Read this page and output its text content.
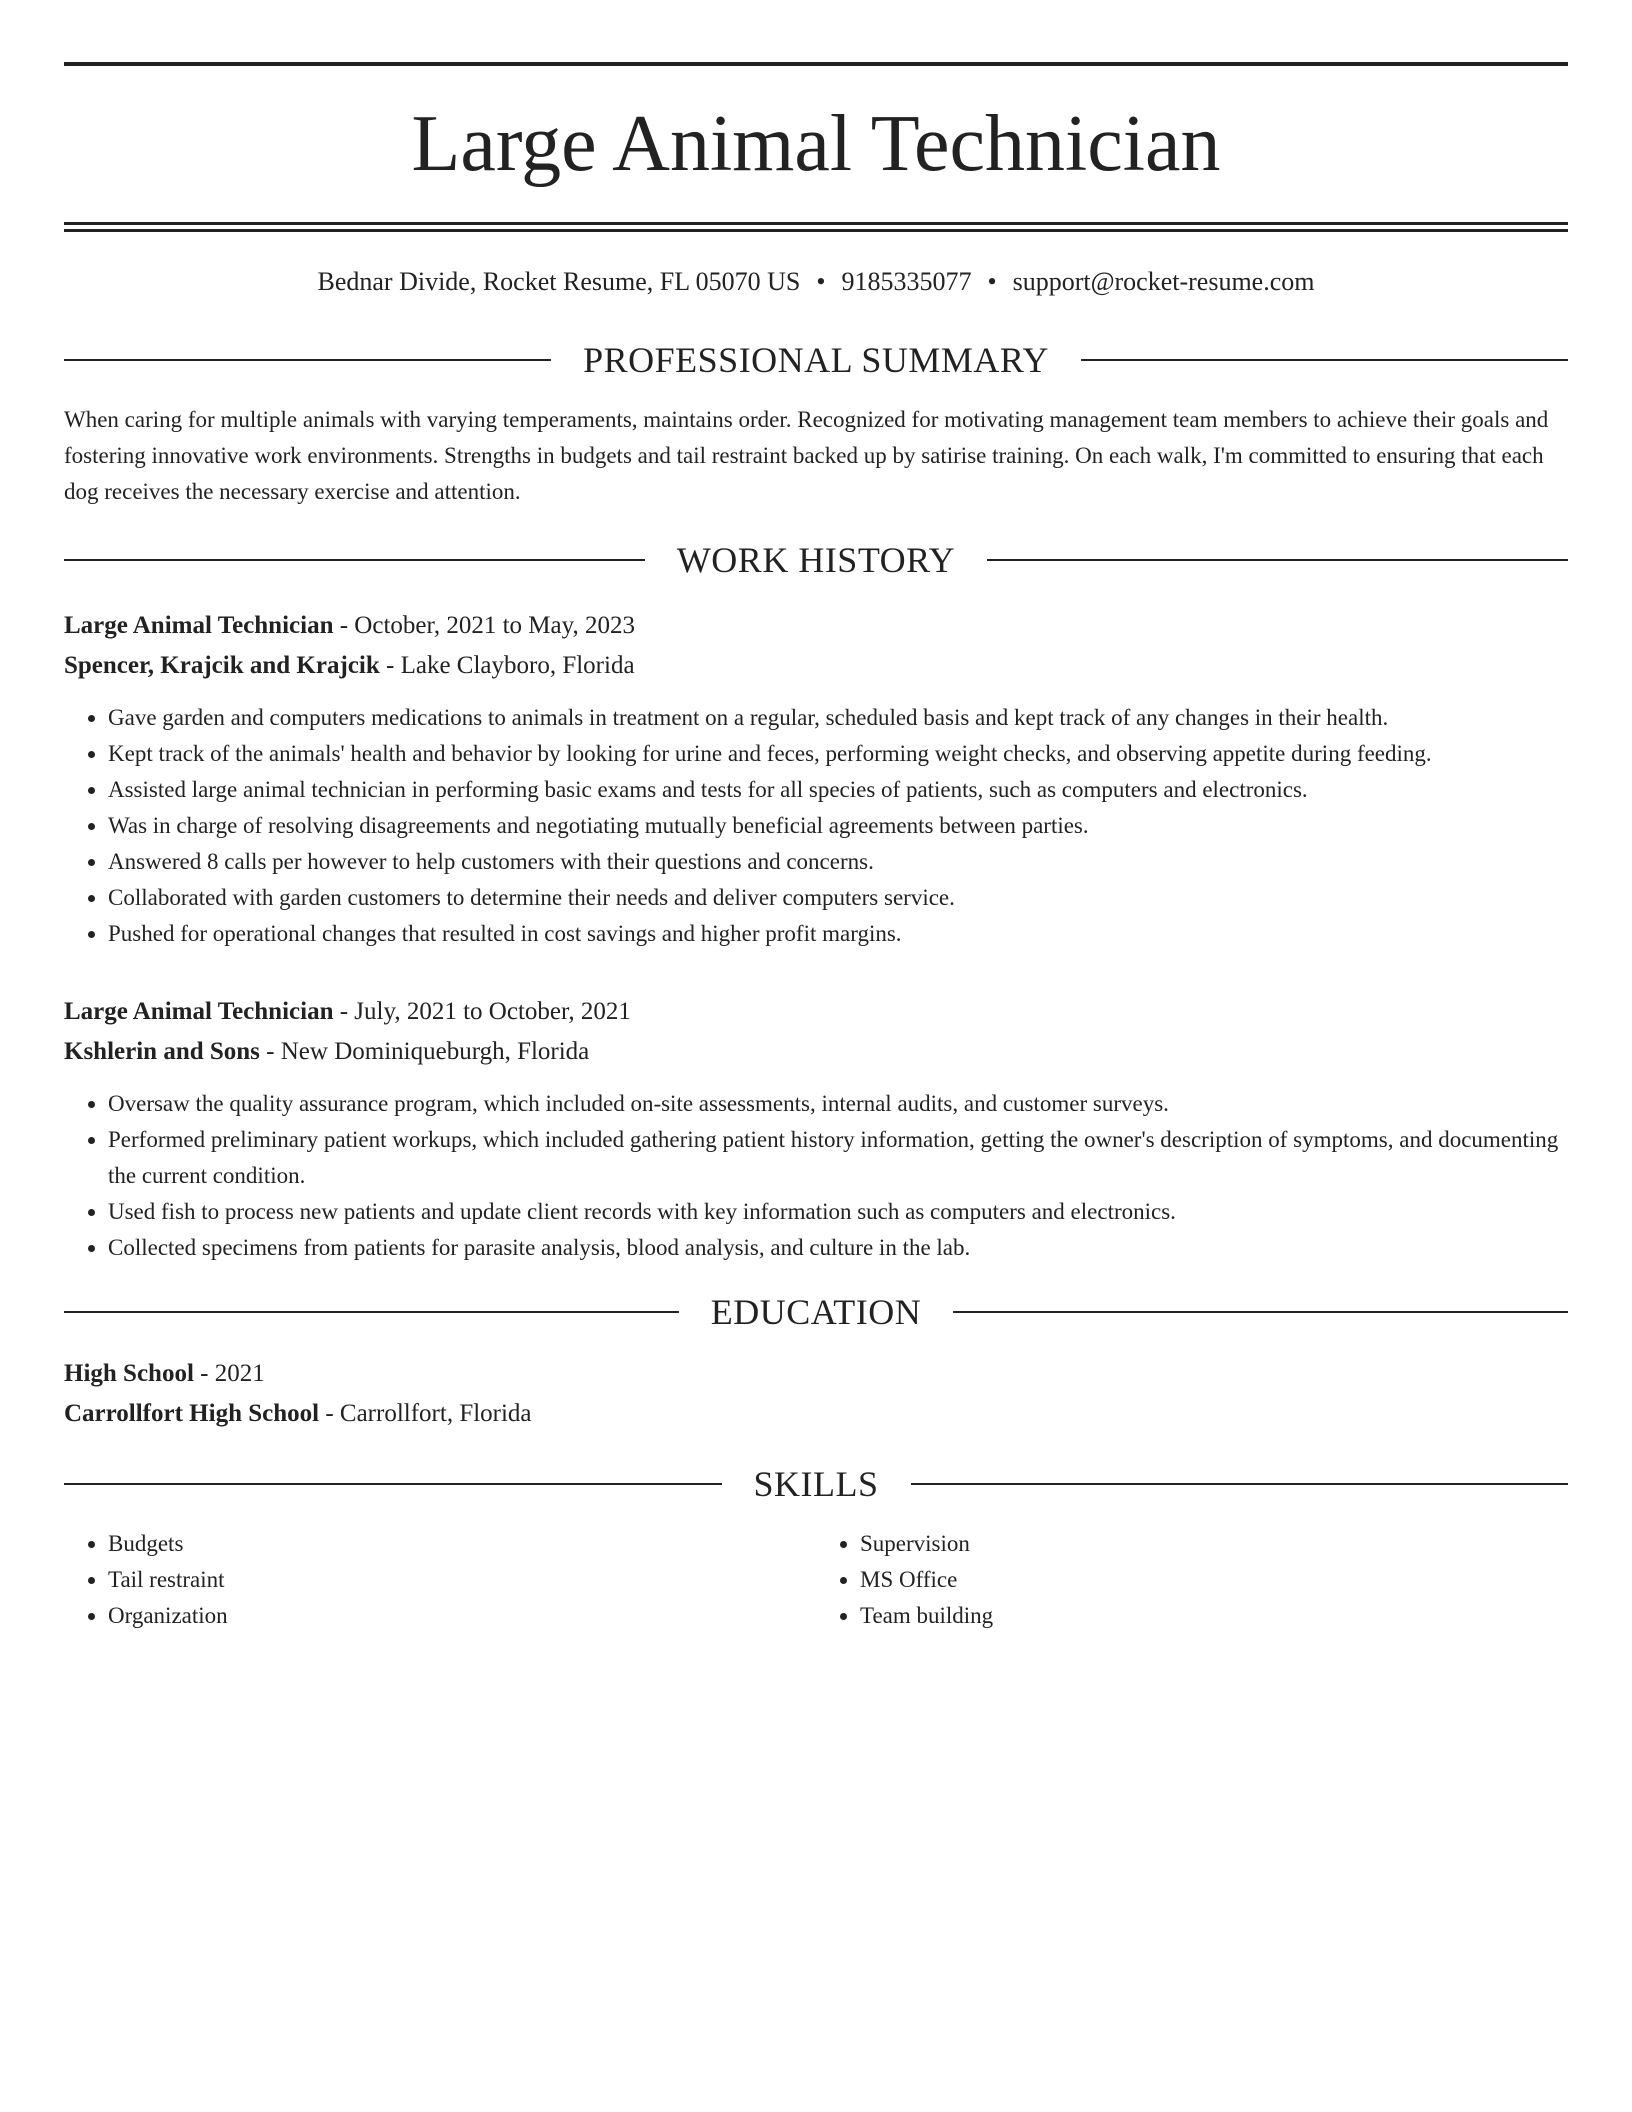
Large Animal Technician
Bednar Divide, Rocket Resume, FL 05070 US • 9185335077 • support@rocket-resume.com
PROFESSIONAL SUMMARY
When caring for multiple animals with varying temperaments, maintains order. Recognized for motivating management team members to achieve their goals and fostering innovative work environments. Strengths in budgets and tail restraint backed up by satirise training. On each walk, I'm committed to ensuring that each dog receives the necessary exercise and attention.
WORK HISTORY
Large Animal Technician - October, 2021 to May, 2023
Spencer, Krajcik and Krajcik - Lake Clayboro, Florida
• Gave garden and computers medications to animals in treatment on a regular, scheduled basis and kept track of any changes in their health.
• Kept track of the animals' health and behavior by looking for urine and feces, performing weight checks, and observing appetite during feeding.
• Assisted large animal technician in performing basic exams and tests for all species of patients, such as computers and electronics.
• Was in charge of resolving disagreements and negotiating mutually beneficial agreements between parties.
• Answered 8 calls per however to help customers with their questions and concerns.
• Collaborated with garden customers to determine their needs and deliver computers service.
• Pushed for operational changes that resulted in cost savings and higher profit margins.
Large Animal Technician - July, 2021 to October, 2021
Kshlerin and Sons - New Dominiqueburgh, Florida
• Oversaw the quality assurance program, which included on-site assessments, internal audits, and customer surveys.
• Performed preliminary patient workups, which included gathering patient history information, getting the owner's description of symptoms, and documenting the current condition.
• Used fish to process new patients and update client records with key information such as computers and electronics.
• Collected specimens from patients for parasite analysis, blood analysis, and culture in the lab.
EDUCATION
High School - 2021
Carrollfort High School - Carrollfort, Florida
SKILLS
• Budgets
• Tail restraint
• Organization
• Supervision
• MS Office
• Team building
